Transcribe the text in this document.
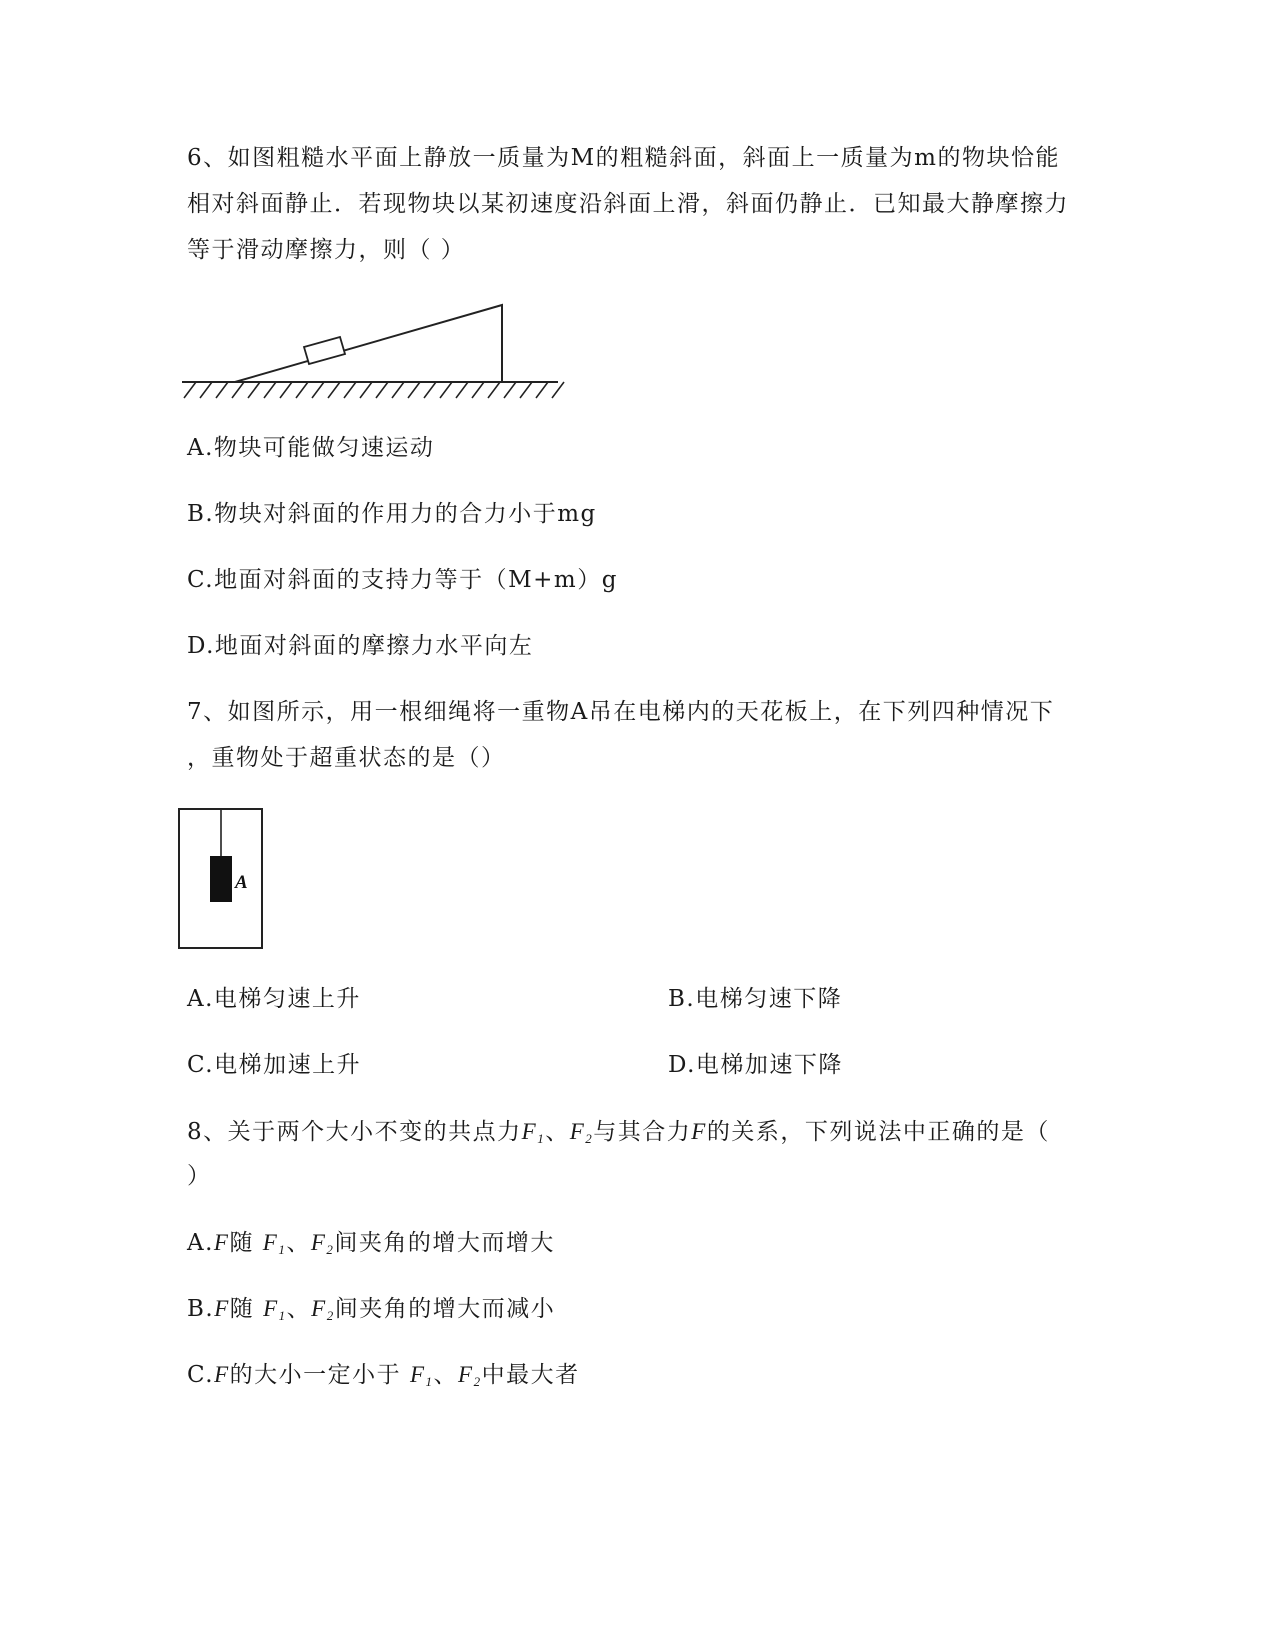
6、如图粗糙水平面上静放一质量为M的粗糙斜面，斜面上一质量为m的物块恰能
相对斜面静止．若现物块以某初速度沿斜面上滑，斜面仍静止．已知最大静摩擦力
等于滑动摩擦力，则（ ）
A.物块可能做匀速运动
B.物块对斜面的作用力的合力小于mg
C.地面对斜面的支持力等于（M+m）g
D.地面对斜面的摩擦力水平向左
7、如图所示，用一根细绳将一重物A吊在电梯内的天花板上，在下列四种情况下
，重物处于超重状态的是（）
A
A.电梯匀速上升	B.电梯匀速下降
C.电梯加速上升	D.电梯加速下降
8、关于两个大小不变的共点力$F_1$、$F_2$与其合力F的关系，下列说法中正确的是（
）
A.F随 $F_1$、$F_2$间夹角的增大而增大
B.F随 $F_1$、$F_2$间夹角的增大而减小
C.F的大小一定小于 $F_1$、$F_2$中最大者
